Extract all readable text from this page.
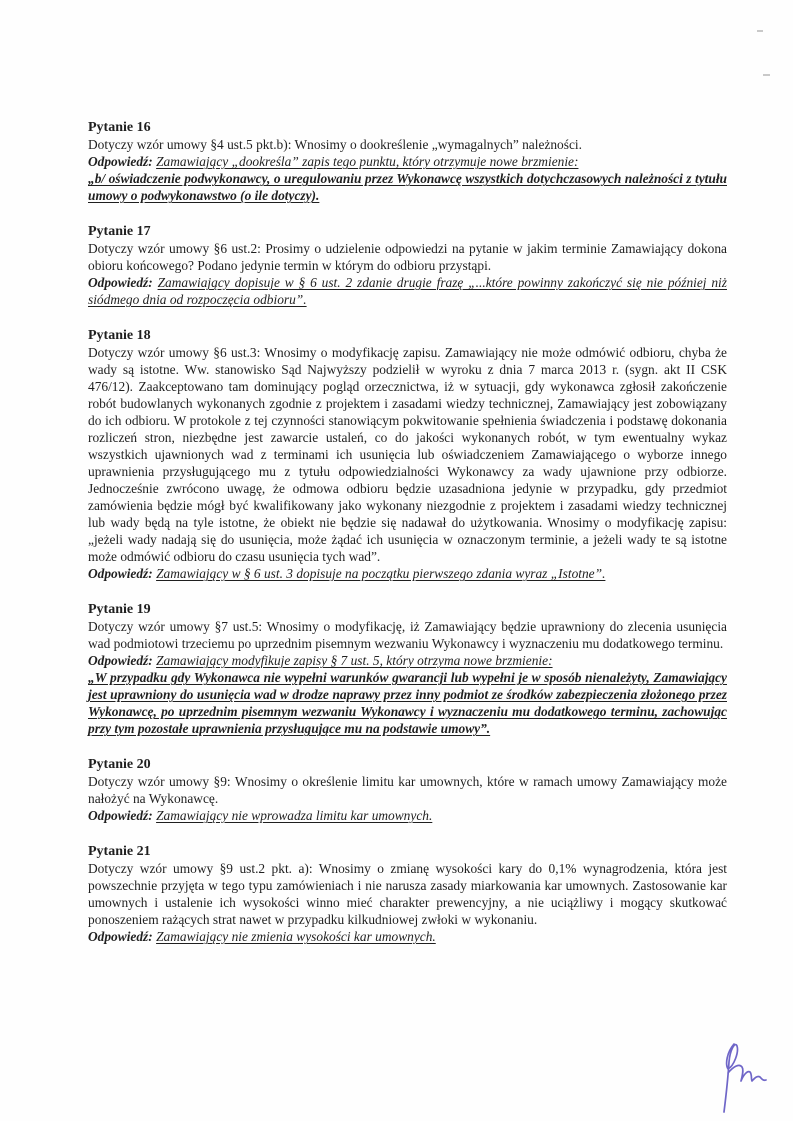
Pytanie 16

Dotyczy wzór umowy §4 ust.5 pkt.b): Wnosimy o dookreślenie „wymagalnych” należności.

Odpowiedź: Zamawiający „dookreśla” zapis tego punktu, który otrzymuje nowe brzmienie:

„b/ oświadczenie podwykonawcy, o uregulowaniu przez Wykonawcę wszystkich dotychczasowych należności z tytułu umowy o podwykonawstwo (o ile dotyczy).

Pytanie 17

Dotyczy wzór umowy §6 ust.2: Prosimy o udzielenie odpowiedzi na pytanie w jakim terminie Zamawiający dokona obioru końcowego? Podano jedynie termin w którym do odbioru przystąpi.

Odpowiedź: Zamawiający dopisuje w § 6 ust. 2 zdanie drugie frazę „...które powinny zakończyć się nie później niż siódmego dnia od rozpoczęcia odbioru”.

Pytanie 18

Dotyczy wzór umowy §6 ust.3: Wnosimy o modyfikację zapisu. Zamawiający nie może odmówić odbioru, chyba że wady są istotne. Ww. stanowisko Sąd Najwyższy podzielił w wyroku z dnia 7 marca 2013 r. (sygn. akt II CSK 476/12). Zaakceptowano tam dominujący pogląd orzecznictwa, iż w sytuacji, gdy wykonawca zgłosił zakończenie robót budowlanych wykonanych zgodnie z projektem i zasadami wiedzy technicznej, Zamawiający jest zobowiązany do ich odbioru. W protokole z tej czynności stanowiącym pokwitowanie spełnienia świadczenia i podstawę dokonania rozliczeń stron, niezbędne jest zawarcie ustaleń, co do jakości wykonanych robót, w tym ewentualny wykaz wszystkich ujawnionych wad z terminami ich usunięcia lub oświadczeniem Zamawiającego o wyborze innego uprawnienia przysługującego mu z tytułu odpowiedzialności Wykonawcy za wady ujawnione przy odbiorze. Jednocześnie zwrócono uwagę, że odmowa odbioru będzie uzasadniona jedynie w przypadku, gdy przedmiot zamówienia będzie mógł być kwalifikowany jako wykonany niezgodnie z projektem i zasadami wiedzy technicznej lub wady będą na tyle istotne, że obiekt nie będzie się nadawał do użytkowania. Wnosimy o modyfikację zapisu: „jeżeli wady nadają się do usunięcia, może żądać ich usunięcia w oznaczonym terminie, a jeżeli wady te są istotne może odmówić odbioru do czasu usunięcia tych wad”.

Odpowiedź: Zamawiający w § 6 ust. 3 dopisuje na początku pierwszego zdania wyraz „Istotne”.

Pytanie 19

Dotyczy wzór umowy §7 ust.5: Wnosimy o modyfikację, iż Zamawiający będzie uprawniony do zlecenia usunięcia wad podmiotowi trzeciemu po uprzednim pisemnym wezwaniu Wykonawcy i wyznaczeniu mu dodatkowego terminu.

Odpowiedź: Zamawiający modyfikuje zapisy § 7 ust. 5, który otrzyma nowe brzmienie:

„W przypadku gdy Wykonawca nie wypełni warunków gwarancji lub wypełni je w sposób nienależyty, Zamawiający jest uprawniony do usunięcia wad w drodze naprawy przez inny podmiot ze środków zabezpieczenia złożonego przez Wykonawcę, po uprzednim pisemnym wezwaniu Wykonawcy i wyznaczeniu mu dodatkowego terminu, zachowując przy tym pozostałe uprawnienia przysługujące mu na podstawie umowy”.

Pytanie 20

Dotyczy wzór umowy §9: Wnosimy o określenie limitu kar umownych, które w ramach umowy Zamawiający może nałożyć na Wykonawcę.

Odpowiedź: Zamawiający nie wprowadza limitu kar umownych.

Pytanie 21

Dotyczy wzór umowy §9 ust.2 pkt. a): Wnosimy o zmianę wysokości kary do 0,1% wynagrodzenia, która jest powszechnie przyjęta w tego typu zamówieniach i nie narusza zasady miarkowania kar umownych. Zastosowanie kar umownych i ustalenie ich wysokości winno mieć charakter prewencyjny, a nie uciążliwy i mogący skutkować ponoszeniem rażących strat nawet w przypadku kilkudniowej zwłoki w wykonaniu.

Odpowiedź: Zamawiający nie zmienia wysokości kar umownych.
